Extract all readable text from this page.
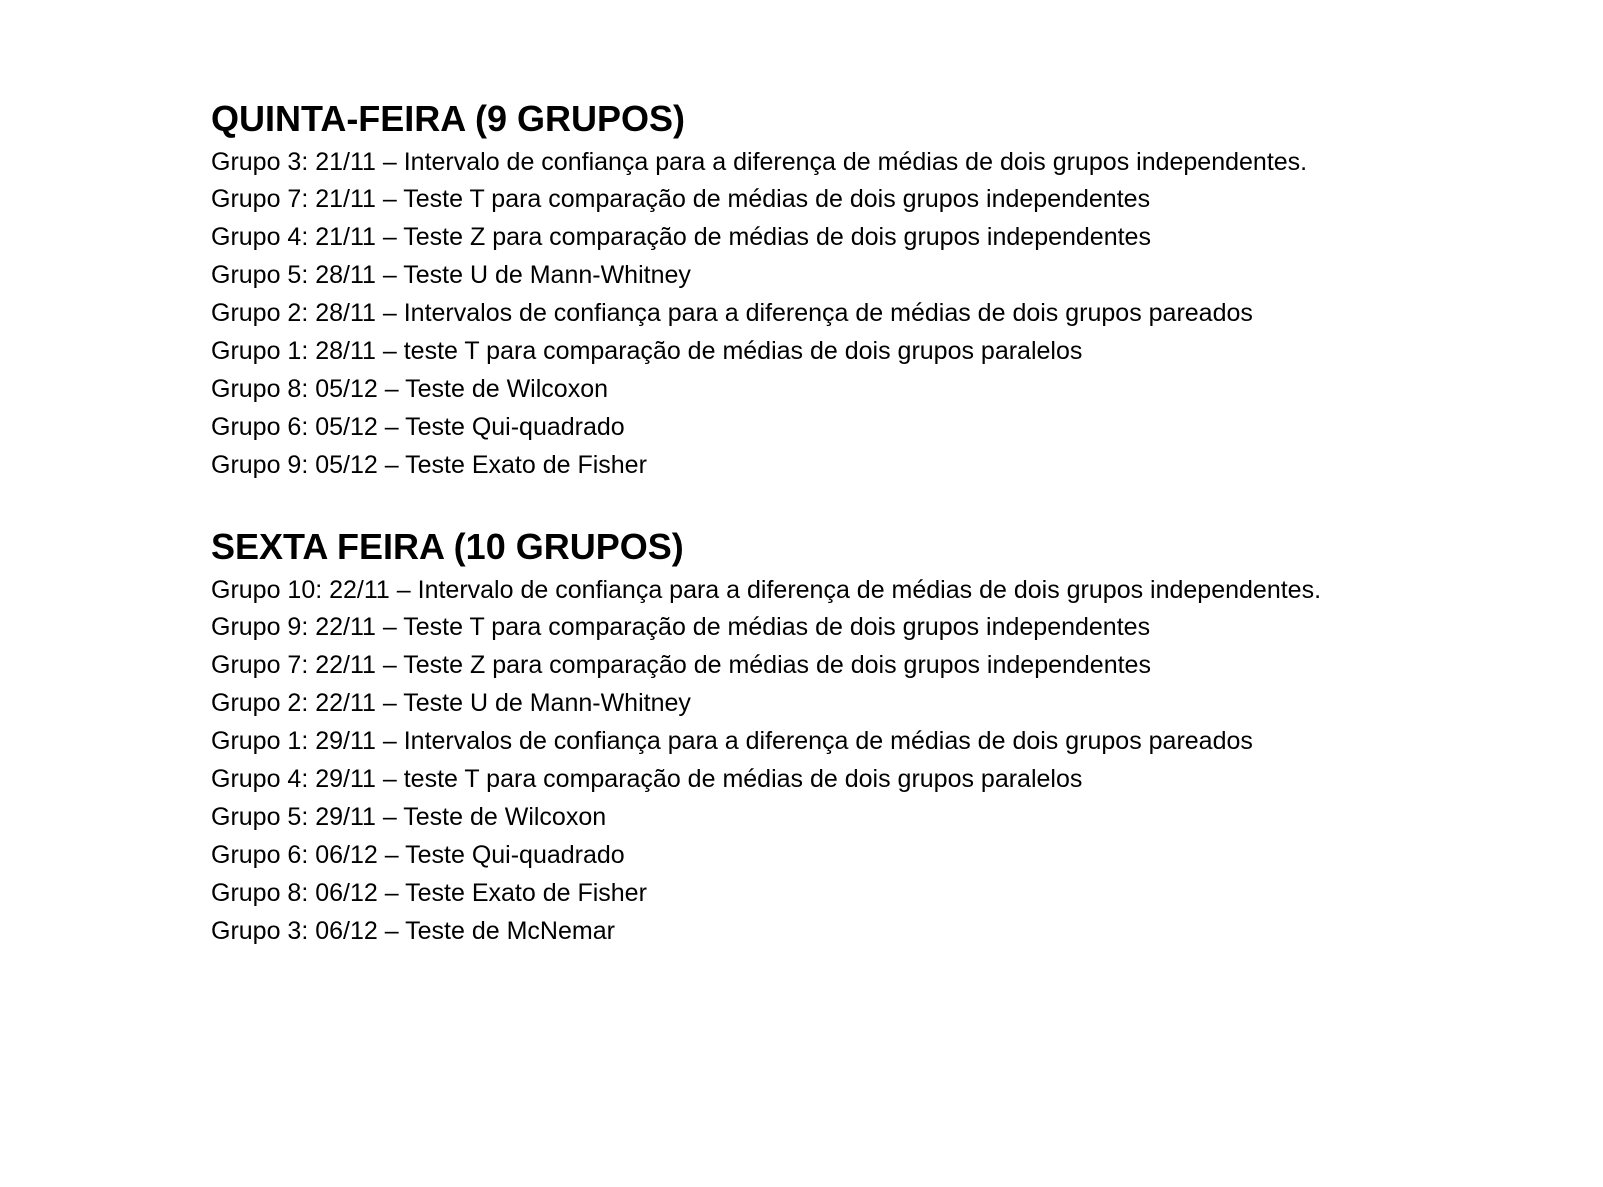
QUINTA-FEIRA (9 GRUPOS)

Grupo 3: 21/11 – Intervalo de confiança para a diferença de médias de dois grupos independentes.

Grupo 7: 21/11 – Teste T para comparação de médias de dois grupos independentes

Grupo 4: 21/11 – Teste Z para comparação de médias de dois grupos independentes

Grupo 5: 28/11 – Teste U de Mann-Whitney

Grupo 2: 28/11 – Intervalos de confiança para a diferença de médias de dois grupos pareados

Grupo 1: 28/11 – teste T para comparação de médias de dois grupos paralelos

Grupo 8: 05/12 – Teste de Wilcoxon

Grupo 6: 05/12 – Teste Qui-quadrado

Grupo 9: 05/12 – Teste Exato de Fisher

SEXTA FEIRA (10 GRUPOS)

Grupo 10: 22/11 – Intervalo de confiança para a diferença de médias de dois grupos independentes.

Grupo 9: 22/11 – Teste T para comparação de médias de dois grupos independentes

Grupo 7: 22/11 – Teste Z para comparação de médias de dois grupos independentes

Grupo 2: 22/11 – Teste U de Mann-Whitney

Grupo 1: 29/11 – Intervalos de confiança para a diferença de médias de dois grupos pareados

Grupo 4: 29/11 – teste T para comparação de médias de dois grupos paralelos

Grupo 5: 29/11 – Teste de Wilcoxon

Grupo 6: 06/12 – Teste Qui-quadrado

Grupo 8: 06/12 – Teste Exato de Fisher

Grupo 3: 06/12 – Teste de McNemar
